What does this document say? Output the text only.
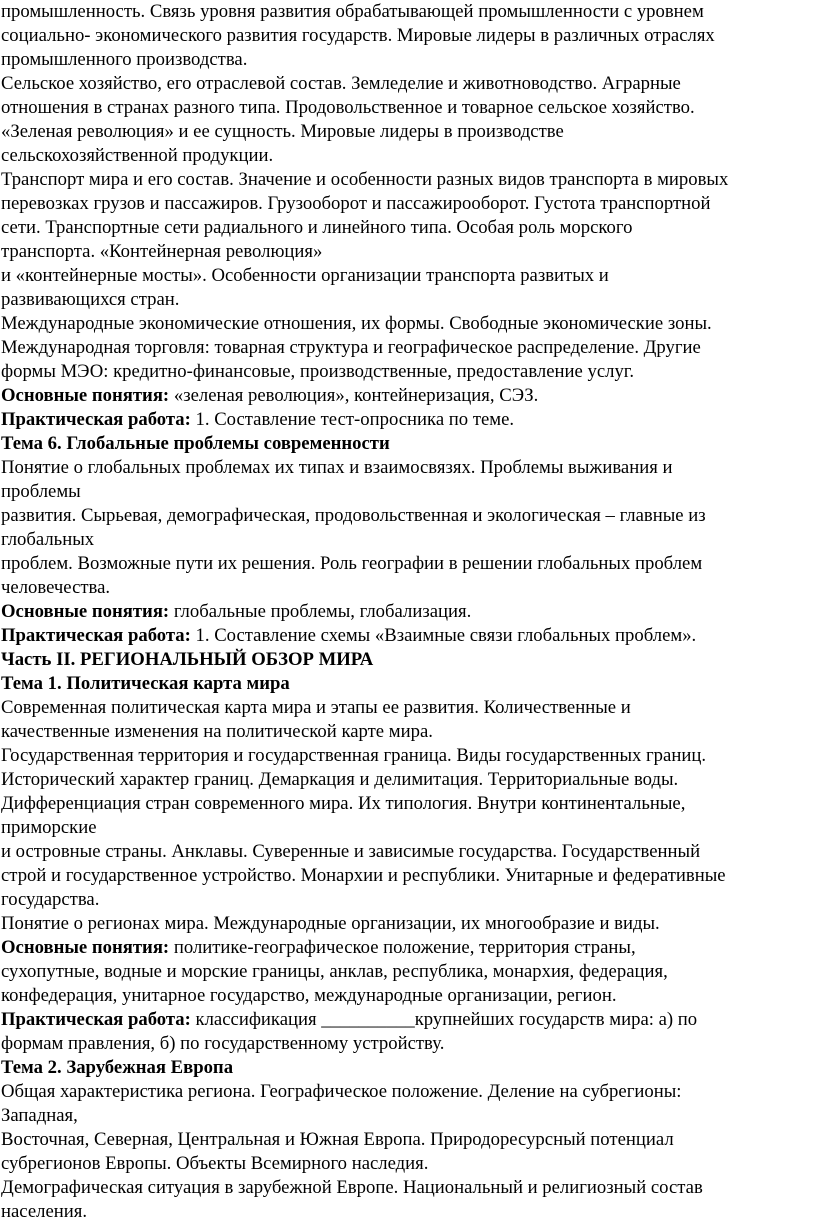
промышленность. Связь уровня развития обрабатывающей промышленности с уровнем

социально- экономического развития государств. Мировые лидеры в различных отраслях

промышленного производства.

Сельское хозяйство, его отраслевой состав. Земледелие и животноводство. Аграрные

отношения в странах разного типа. Продовольственное и товарное сельское хозяйство.

«Зеленая революция» и ее сущность. Мировые лидеры в производстве

сельскохозяйственной продукции.

Транспорт мира и его состав. Значение и особенности разных видов транспорта в мировых

перевозках грузов и пассажиров. Грузооборот и пассажирооборот. Густота транспортной

сети. Транспортные сети радиального и линейного типа. Особая роль морского

транспорта. «Контейнерная революция»

и «контейнерные мосты». Особенности организации транспорта развитых и

развивающихся стран.

Международные экономические отношения, их формы. Свободные экономические зоны.

Международная торговля: товарная структура и географическое распределение. Другие

формы МЭО: кредитно-финансовые, производственные, предоставление услуг.

Основные понятия: «зеленая революция», контейнеризация, СЭЗ.

Практическая работа: 1. Составление тест-опросника по теме.

Тема 6. Глобальные проблемы современности

Понятие о глобальных проблемах их типах и взаимосвязях. Проблемы выживания и

проблемы

развития. Сырьевая, демографическая, продовольственная и экологическая – главные из

глобальных

проблем. Возможные пути их решения. Роль географии в решении глобальных проблем

человечества.

Основные понятия: глобальные проблемы, глобализация.

Практическая работа: 1. Составление схемы «Взаимные связи глобальных проблем».

Часть II. РЕГИОНАЛЬНЫЙ ОБЗОР МИРА

Тема 1. Политическая карта мира

Современная политическая карта мира и этапы ее развития. Количественные и

качественные изменения на политической карте мира.

Государственная территория и государственная граница. Виды государственных границ.

Исторический характер границ. Демаркация и делимитация. Территориальные воды.

Дифференциация стран современного мира. Их типология. Внутри континентальные,

приморские

и островные страны. Анклавы. Суверенные и зависимые государства. Государственный

строй и государственное устройство. Монархии и республики. Унитарные и федеративные

государства.

Понятие о регионах мира. Международные организации, их многообразие и виды.

Основные понятия: политике-географическое положение, территория страны,

сухопутные, водные и морские границы, анклав, республика, монархия, федерация,

конфедерация, унитарное государство, международные организации, регион.

Практическая работа: классификация __________крупнейших государств мира: а) по

формам правления, б) по государственному устройству.

Тема 2. Зарубежная Европа

Общая характеристика региона. Географическое положение. Деление на субрегионы:

Западная,

Восточная, Северная, Центральная и Южная Европа. Природоресурсный потенциал

субрегионов Европы. Объекты Всемирного наследия.

Демографическая ситуация в зарубежной Европе. Национальный и религиозный состав

населения.
